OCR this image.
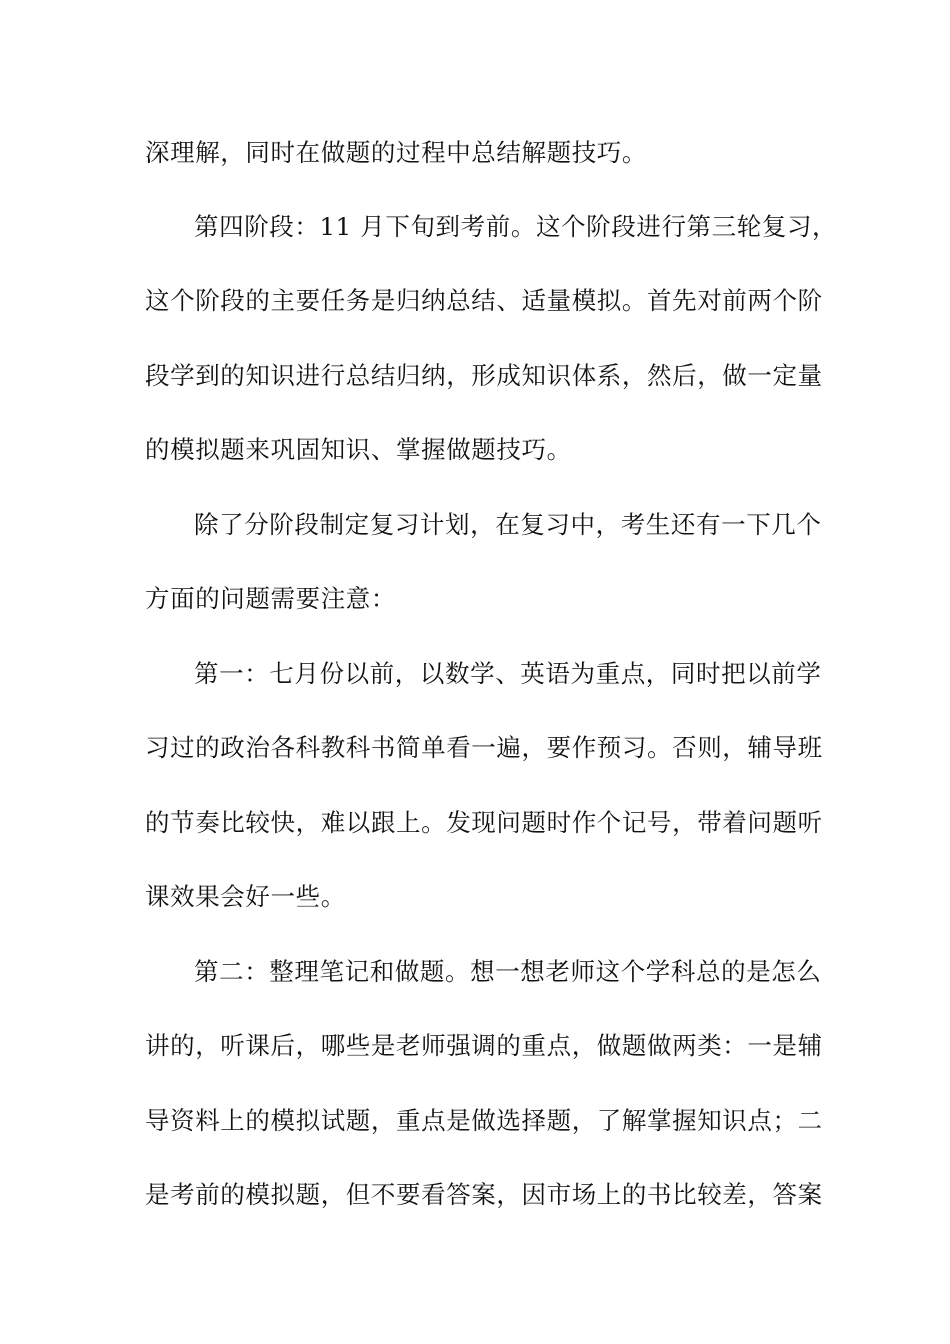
深理解，同时在做题的过程中总结解题技巧。
第四阶段：11 月下旬到考前。这个阶段进行第三轮复习，
这个阶段的主要任务是归纳总结、适量模拟。首先对前两个阶
段学到的知识进行总结归纳，形成知识体系，然后，做一定量
的模拟题来巩固知识、掌握做题技巧。
除了分阶段制定复习计划，在复习中，考生还有一下几个
方面的问题需要注意：
第一：七月份以前，以数学、英语为重点，同时把以前学
习过的政治各科教科书简单看一遍，要作预习。否则，辅导班
的节奏比较快，难以跟上。发现问题时作个记号，带着问题听
课效果会好一些。
第二：整理笔记和做题。想一想老师这个学科总的是怎么
讲的，听课后，哪些是老师强调的重点，做题做两类：一是辅
导资料上的模拟试题，重点是做选择题，了解掌握知识点；二
是考前的模拟题，但不要看答案，因市场上的书比较差，答案
